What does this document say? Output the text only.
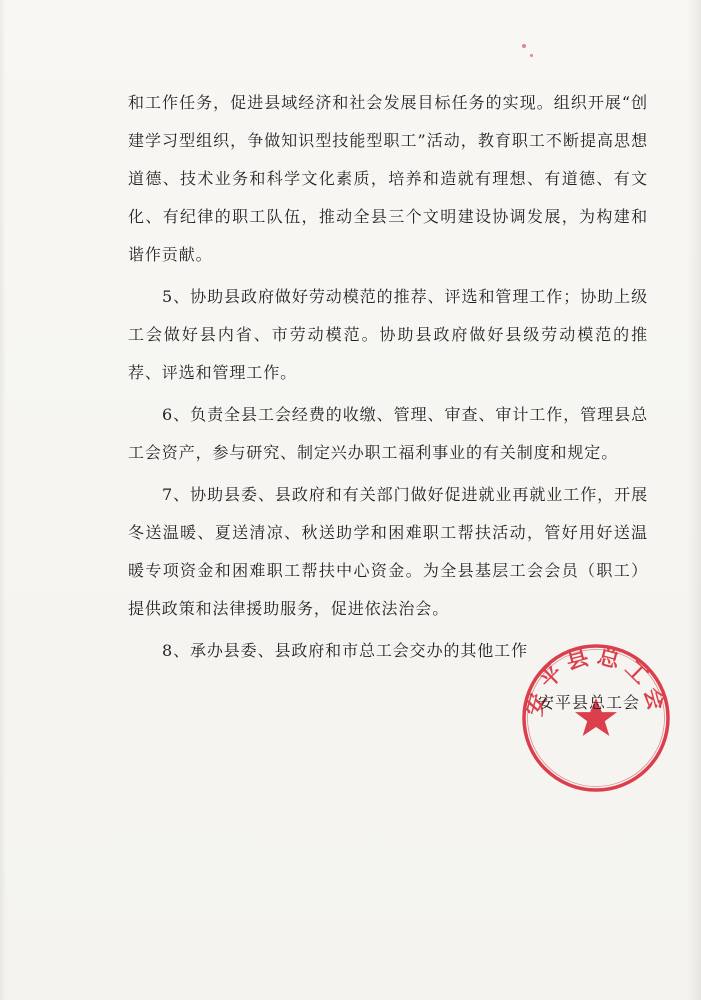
和工作任务，促进县域经济和社会发展目标任务的实现。组织开展“创建学习型组织，争做知识型技能型职工”活动，教育职工不断提高思想道德、技术业务和科学文化素质，培养和造就有理想、有道德、有文化、有纪律的职工队伍，推动全县三个文明建设协调发展，为构建和谐作贡献。

5、协助县政府做好劳动模范的推荐、评选和管理工作；协助上级工会做好县内省、市劳动模范。协助县政府做好县级劳动模范的推荐、评选和管理工作。

6、负责全县工会经费的收缴、管理、审查、审计工作，管理县总工会资产，参与研究、制定兴办职工福利事业的有关制度和规定。

7、协助县委、县政府和有关部门做好促进就业再就业工作，开展冬送温暖、夏送清凉、秋送助学和困难职工帮扶活动，管好用好送温暖专项资金和困难职工帮扶中心资金。为全县基层工会会员（职工）提供政策和法律援助服务，促进依法治会。

8、承办县委、县政府和市总工会交办的其他工作

安平县总工会
安平县总工会
